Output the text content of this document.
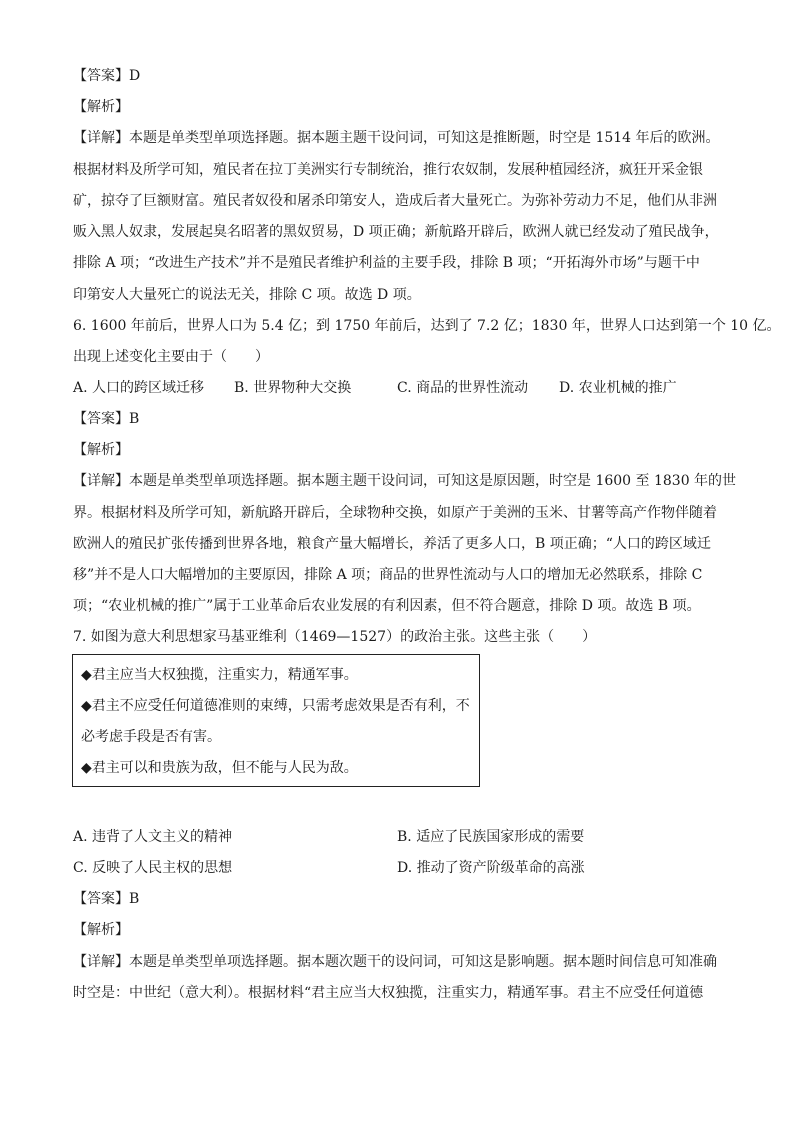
【答案】D
【解析】
【详解】本题是单类型单项选择题。据本题主题干设问词，可知这是推断题，时空是 1514 年后的欧洲。
根据材料及所学可知，殖民者在拉丁美洲实行专制统治，推行农奴制，发展种植园经济，疯狂开采金银
矿，掠夺了巨额财富。殖民者奴役和屠杀印第安人，造成后者大量死亡。为弥补劳动力不足，他们从非洲
贩入黑人奴隶，发展起臭名昭著的黑奴贸易，D 项正确；新航路开辟后，欧洲人就已经发动了殖民战争，
排除 A 项；“改进生产技术”并不是殖民者维护利益的主要手段，排除 B 项；“开拓海外市场”与题干中
印第安人大量死亡的说法无关，排除 C 项。故选 D 项。
6. 1600 年前后，世界人口为 5.4 亿；到 1750 年前后，达到了 7.2 亿；1830 年，世界人口达到第一个 10 亿。
出现上述变化主要由于（　　）
A. 人口的跨区域迁移 B. 世界物种大交换	C. 商品的世界性流动 D. 农业机械的推广
【答案】B
【解析】
【详解】本题是单类型单项选择题。据本题主题干设问词，可知这是原因题，时空是 1600 至 1830 年的世
界。根据材料及所学可知，新航路开辟后，全球物种交换，如原产于美洲的玉米、甘薯等高产作物伴随着
欧洲人的殖民扩张传播到世界各地，粮食产量大幅增长，养活了更多人口，B 项正确；“人口的跨区域迁
移”并不是人口大幅增加的主要原因，排除 A 项；商品的世界性流动与人口的增加无必然联系，排除 C
项；“农业机械的推广”属于工业革命后农业发展的有利因素，但不符合题意，排除 D 项。故选 B 项。
7. 如图为意大利思想家马基亚维利（1469—1527）的政治主张。这些主张（　　）
◆君主应当大权独揽，注重实力，精通军事。
◆君主不应受任何道德准则的束缚，只需考虑效果是否有利，不
必考虑手段是否有害。
◆君主可以和贵族为敌，但不能与人民为敌。
A. 违背了人文主义的精神	B. 适应了民族国家形成的需要
C. 反映了人民主权的思想	D. 推动了资产阶级革命的高涨
【答案】B
【解析】
【详解】本题是单类型单项选择题。据本题次题干的设问词，可知这是影响题。据本题时间信息可知准确
时空是：中世纪（意大利）。根据材料“君主应当大权独揽，注重实力，精通军事。君主不应受任何道德
